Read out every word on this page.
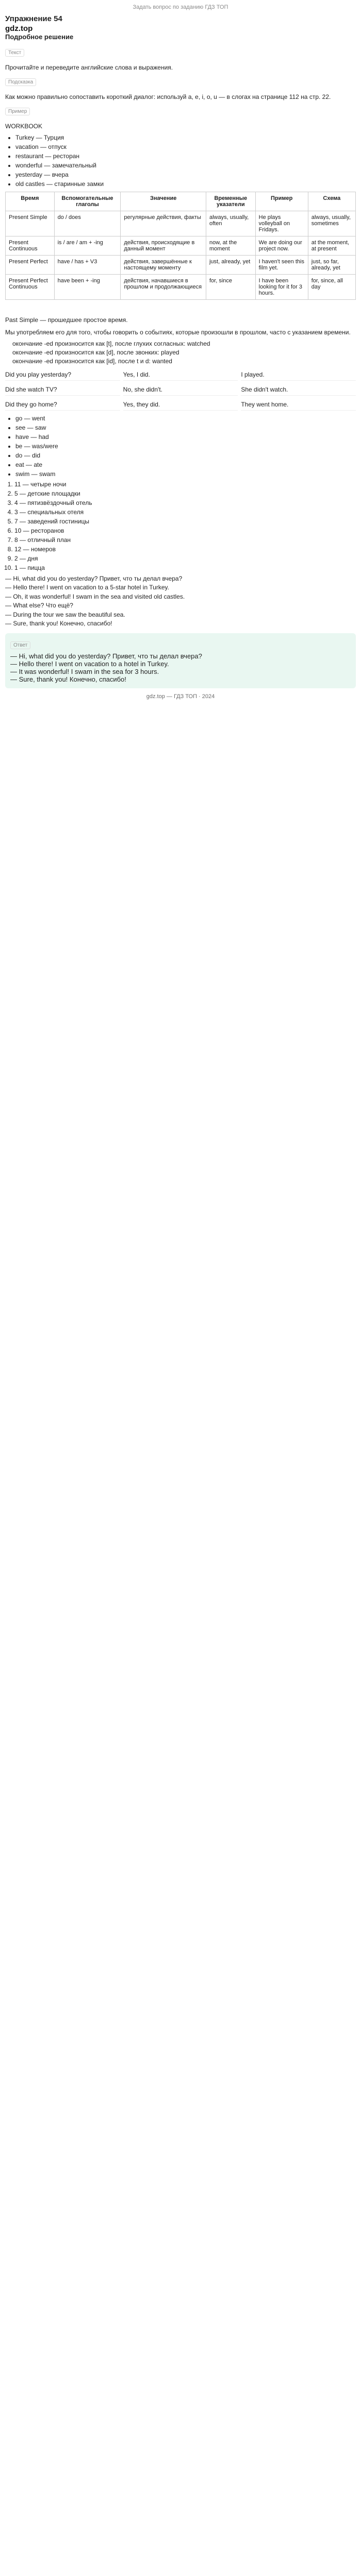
Задать вопрос по заданию ГДЗ ТОП
Упражнение 54
gdz.top
Подробное решение
Текст
Прочитайте и переведите английские слова и выражения.
Подсказка
Как можно правильно сопоставить короткий диалог: используй a, e, i, o, u — в слогах на странице 112 на стр. 22.
Пример
WORKBOOK
• Turkey — Турция
• vacation — отпуск
• restaurant — ресторан
• wonderful — замечательный
• yesterday — вчера
• old castles — старинные замки
Время	Вспомогательные глаголы	Значение	Временные указатели	Пример	Схема
Present Simple	do / does	регулярные действия, факты	always, usually, often	He plays volleyball on Fridays.	always, usually, sometimes
Present Continuous	is / are / am + -ing	действия, происходящие в данный момент	now, at the moment	We are doing our project now.	at the moment, at present
Present Perfect	have / has + V3	действия, завершённые к настоящему моменту	just, already, yet	I haven't seen this film yet.	just, so far, already, yet
Present Perfect Continuous	have been + -ing	действия, начавшиеся в прошлом и продолжающиеся	for, since	I have been looking for it for 3 hours.	for, since, all day
Past Simple — прошедшее простое время.
Мы употребляем его для того, чтобы говорить о событиях, которые произошли в прошлом, часто с указанием времени.
окончание -ed произносится как [t], после глухих согласных: watched
окончание -ed произносится как [d], после звонких: played
окончание -ed произносится как [id], после t и d: wanted
Did you play yesterday?	Yes, I did.	I played.
Did she watch TV?	No, she didn't.	She didn't watch.
Did they go home?	Yes, they did.	They went home.
• go — went
• see — saw
• have — had
• be — was/were
• do — did
• eat — ate
• swim — swam
1. 11 — четыре ночи
2. 5 — детские площадки
3. 4 — пятизвёздочный отель
4. 3 — специальных отеля
5. 7 — заведений гостиницы
6. 10 — ресторанов
7. 8 — отличный план
8. 12 — номеров
9. 2 — дня
10. 1 — пицца
— Hi, what did you do yesterday? Привет, что ты делал вчера?
— Hello there! I went on vacation to a 5-star hotel in Turkey.
— Oh, it was wonderful! I swam in the sea and visited old castles.
— What else? Что ещё?
— During the tour we saw the beautiful sea.
— Sure, thank you! Конечно, спасибо!
Ответ
— Hi, what did you do yesterday? Привет, что ты делал вчера?
— Hello there! I went on vacation to a hotel in Turkey.
— It was wonderful! I swam in the sea for 3 hours.
— Sure, thank you! Конечно, спасибо!
gdz.top — ГДЗ ТОП · 2024
